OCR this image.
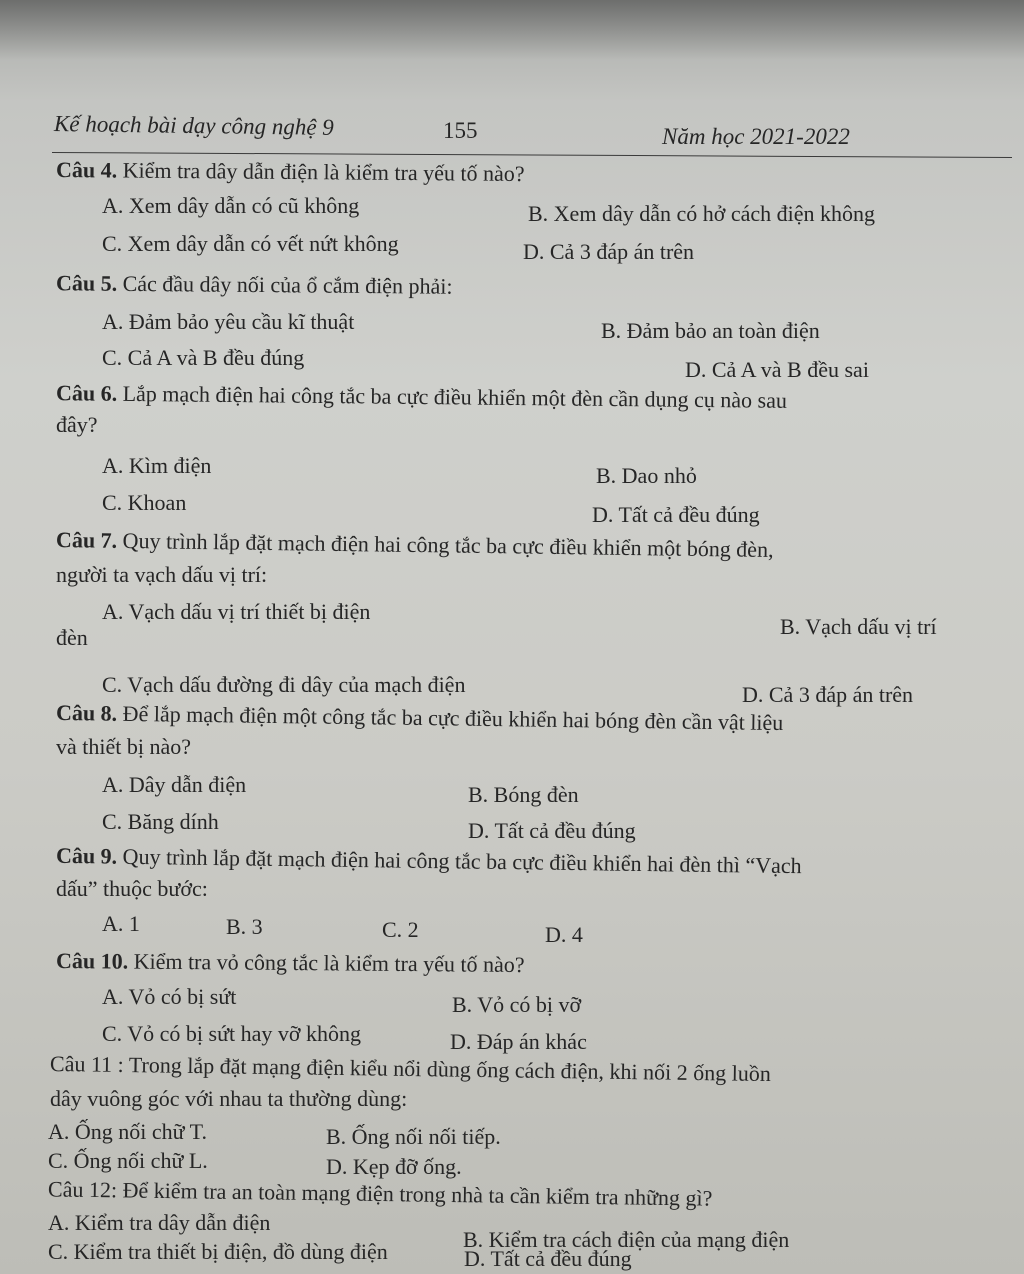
Kế hoạch bài dạy công nghệ 9	155	Năm học 2021-2022
Câu 4. Kiểm tra dây dẫn điện là kiểm tra yếu tố nào?
A. Xem dây dẫn có cũ không	B. Xem dây dẫn có hở cách điện không
C. Xem dây dẫn có vết nứt không	D. Cả 3 đáp án trên
Câu 5. Các đầu dây nối của ổ cắm điện phải:
A. Đảm bảo yêu cầu kĩ thuật	B. Đảm bảo an toàn điện
C. Cả A và B đều đúng	D. Cả A và B đều sai
Câu 6. Lắp mạch điện hai công tắc ba cực điều khiển một đèn cần dụng cụ nào sau
đây?
A. Kìm điện	B. Dao nhỏ
C. Khoan	D. Tất cả đều đúng
Câu 7. Quy trình lắp đặt mạch điện hai công tắc ba cực điều khiển một bóng đèn,
người ta vạch dấu vị trí:
A. Vạch dấu vị trí thiết bị điện
B. Vạch dấu vị trí
đèn
C. Vạch dấu đường đi dây của mạch điện	D. Cả 3 đáp án trên
Câu 8. Để lắp mạch điện một công tắc ba cực điều khiển hai bóng đèn cần vật liệu
và thiết bị nào?
A. Dây dẫn điện	B. Bóng đèn
C. Băng dính	D. Tất cả đều đúng
Câu 9. Quy trình lắp đặt mạch điện hai công tắc ba cực điều khiển hai đèn thì “Vạch
dấu” thuộc bước:
A. 1	B. 3	C. 2	D. 4
Câu 10. Kiểm tra vỏ công tắc là kiểm tra yếu tố nào?
A. Vỏ có bị sứt	B. Vỏ có bị vỡ
C. Vỏ có bị sứt hay vỡ không	D. Đáp án khác
Câu 11 : Trong lắp đặt mạng điện kiểu nổi dùng ống cách điện, khi nối 2 ống luồn
dây vuông góc với nhau ta thường dùng:
A. Ống nối chữ T.	B. Ống nối nối tiếp.
C. Ống nối chữ L.	D. Kẹp đỡ ống.
Câu 12: Để kiểm tra an toàn mạng điện trong nhà ta cần kiểm tra những gì?
A. Kiểm tra dây dẫn điện
B. Kiểm tra cách điện của mạng điện
C. Kiểm tra thiết bị điện, đồ dùng điện	D. Tất cả đều đúng
